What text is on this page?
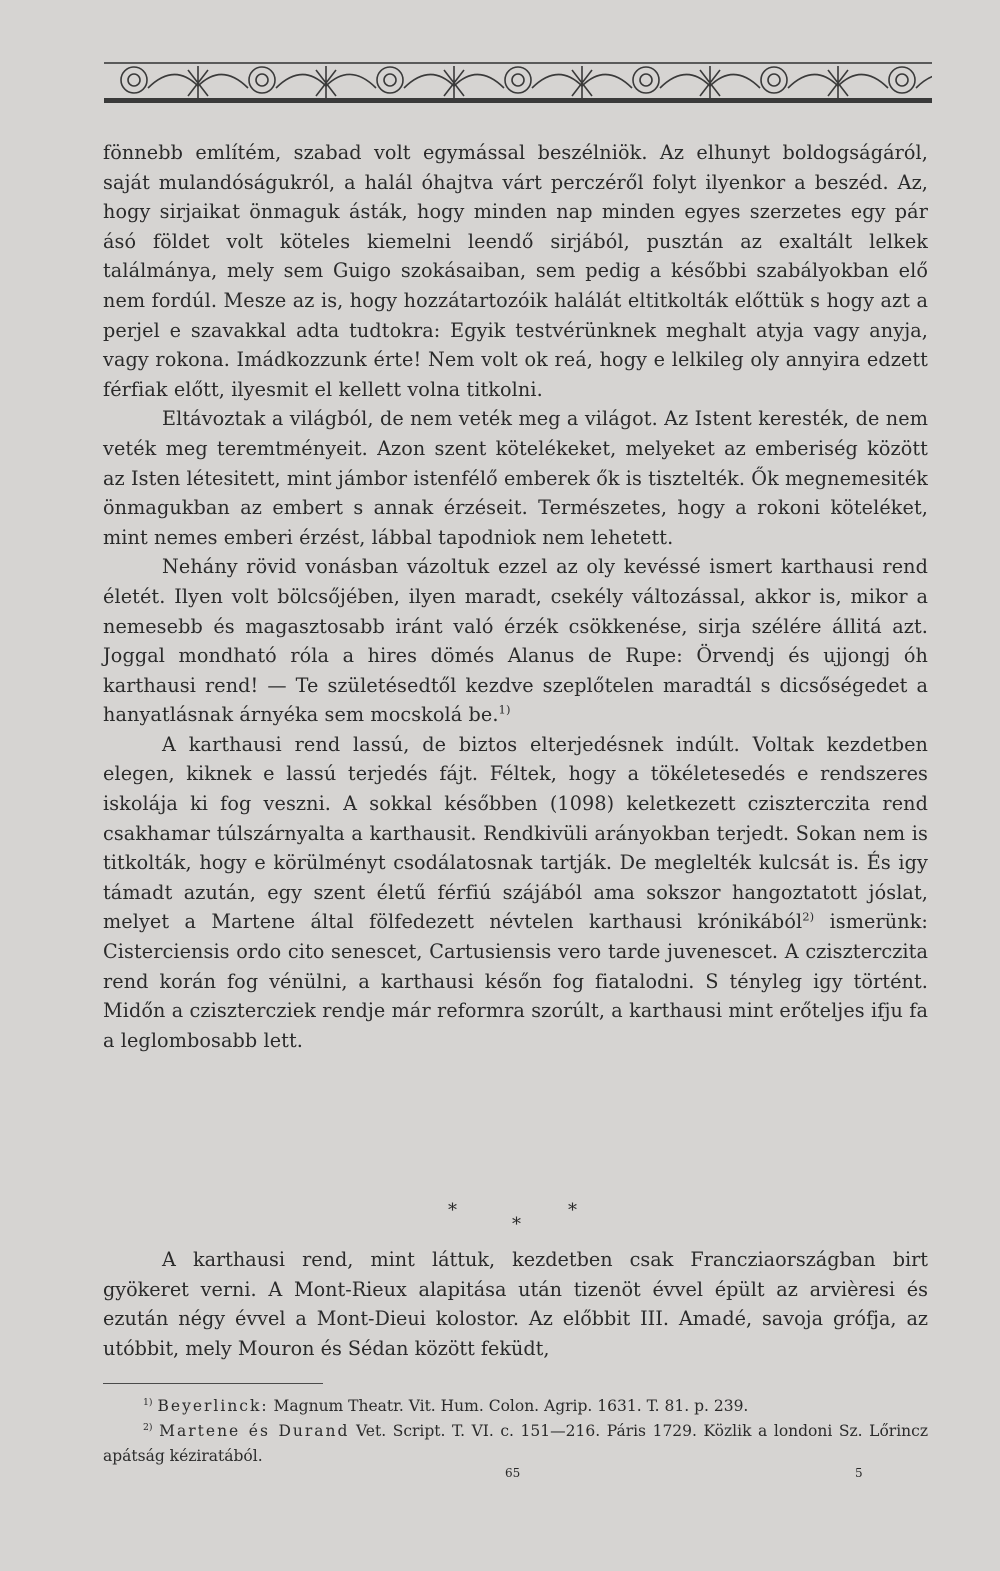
fönnebb említém, szabad volt egymással beszélniök. Az elhunyt boldogságáról, saját mulandóságukról, a halál óhajtva várt perczéről folyt ilyenkor a beszéd. Az, hogy sirjaikat önmaguk ásták, hogy minden nap minden egyes szerzetes egy pár ásó földet volt köteles kiemelni leendő sirjából, pusztán az exaltált lelkek találmánya, mely sem Guigo szokásaiban, sem pedig a későbbi szabályokban elő nem fordúl. Mesze az is, hogy hozzátartozóik halálát eltitkolták előttük s hogy azt a perjel e szavakkal adta tudtokra: Egyik testvérünknek meghalt atyja vagy anyja, vagy rokona. Imádkozzunk érte! Nem volt ok reá, hogy e lelkileg oly annyira edzett férfiak előtt, ilyesmit el kellett volna titkolni.

Eltávoztak a világból, de nem veték meg a világot. Az Istent keresték, de nem veték meg teremtményeit. Azon szent kötelékeket, melyeket az emberiség között az Isten létesitett, mint jámbor istenfélő emberek ők is tisztelték. Ők megnemesiték önmagukban az embert s annak érzéseit. Természetes, hogy a rokoni köteléket, mint nemes emberi érzést, lábbal tapodniok nem lehetett.

Nehány rövid vonásban vázoltuk ezzel az oly kevéssé ismert karthausi rend életét. Ilyen volt bölcsőjében, ilyen maradt, csekély változással, akkor is, mikor a nemesebb és magasztosabb iránt való érzék csökkenése, sirja szélére állitá azt. Joggal mondható róla a hires dömés Alanus de Rupe: Örvendj és ujjongj óh karthausi rend! — Te születésedtől kezdve szeplőtelen maradtál s dicsőségedet a hanyatlásnak árnyéka sem mocskolá be.$^{1)}$

A karthausi rend lassú, de biztos elterjedésnek indúlt. Voltak kezdetben elegen, kiknek e lassú terjedés fájt. Féltek, hogy a tökéletesedés e rendszeres iskolája ki fog veszni. A sokkal későbben (1098) keletkezett cziszterczita rend csakhamar túlszárnyalta a karthausit. Rendkivüli arányokban terjedt. Sokan nem is titkolták, hogy e körülményt csodálatosnak tartják. De meglelték kulcsát is. És igy támadt azután, egy szent életű férfiú szájából ama sokszor hangoztatott jóslat, melyet a Martene által fölfedezett névtelen karthausi krónikából$^{2)}$ ismerünk: Cisterciensis ordo cito senescet, Cartusiensis vero tarde juvenescet. A cziszterczita rend korán fog vénülni, a karthausi későn fog fiatalodni. S tényleg igy történt. Midőn a czisztercziek rendje már reformra szorúlt, a karthausi mint erőteljes ifju fa a leglombosabb lett.

*
*
*

A karthausi rend, mint láttuk, kezdetben csak Francziaországban birt gyökeret verni. A Mont-Rieux alapitása után tizenöt évvel épült az arvièresi és ezután négy évvel a Mont-Dieui kolostor. Az előbbit III. Amadé, savoja grófja, az utóbbit, mely Mouron és Sédan között feküdt,

$^{1)}$ Beyerlinck: Magnum Theatr. Vit. Hum. Colon. Agrip. 1631. T. 81. p. 239.

$^{2)}$ Martene és Durand Vet. Script. T. VI. c. 151—216. Páris 1729. Közlik a londoni Sz. Lőrincz apátság kéziratából.

65	5
